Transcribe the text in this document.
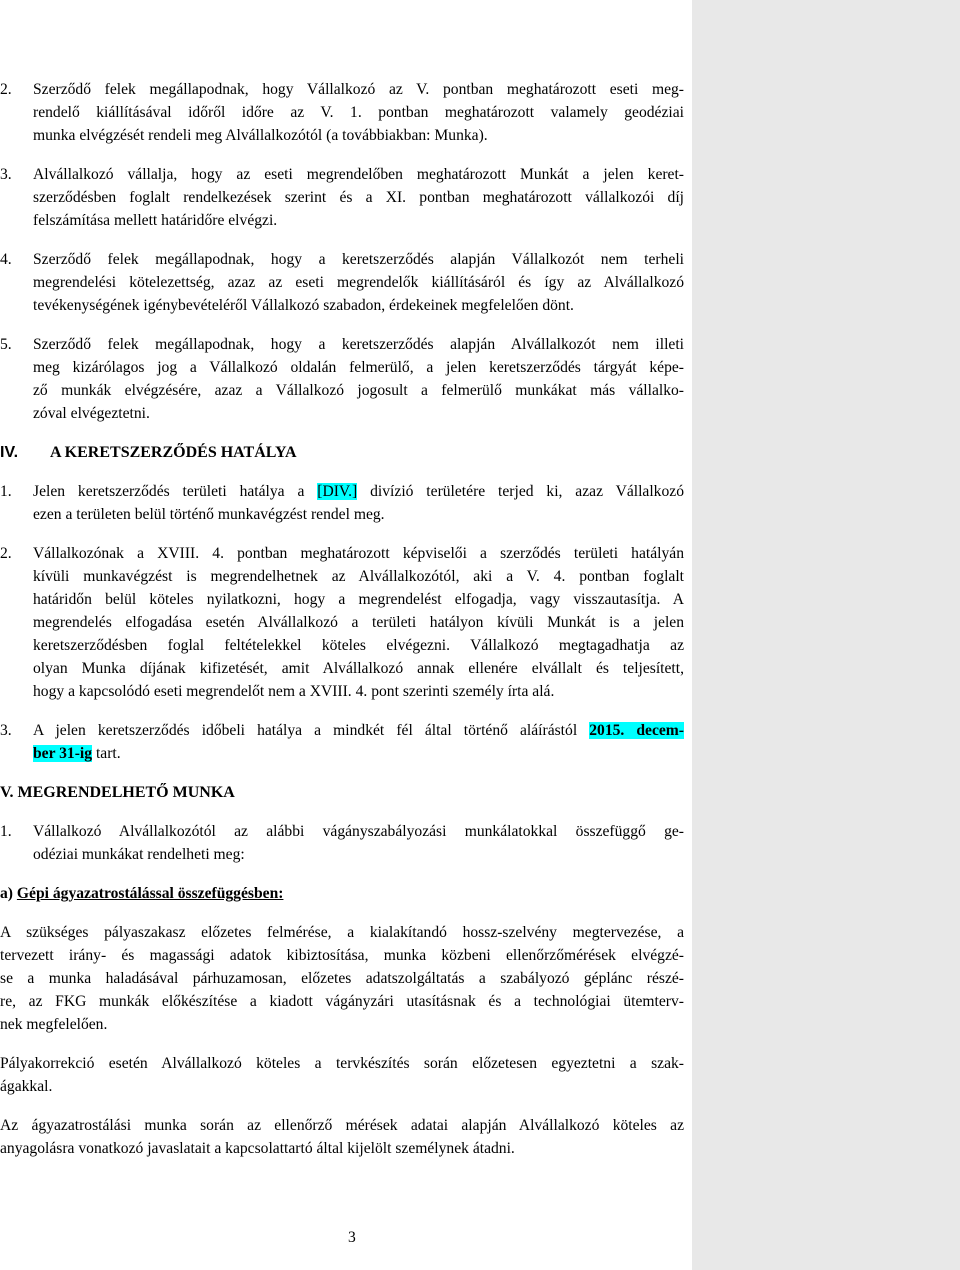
2. Szerződő felek megállapodnak, hogy Vállalkozó az V. pontban meghatározott eseti meg-
rendelő kiállításával időről időre az V. 1. pontban meghatározott valamely geodéziai
munka elvégzését rendeli meg Alvállalkozótól (a továbbiakban: Munka).
3. Alvállalkozó vállalja, hogy az eseti megrendelőben meghatározott Munkát a jelen keret-
szerződésben foglalt rendelkezések szerint és a XI. pontban meghatározott vállalkozói díj
felszámítása mellett határidőre elvégzi.
4. Szerződő felek megállapodnak, hogy a keretszerződés alapján Vállalkozót nem terheli
megrendelési kötelezettség, azaz az eseti megrendelők kiállításáról és így az Alvállalkozó
tevékenységének igénybevételéről Vállalkozó szabadon, érdekeinek megfelelően dönt.
5. Szerződő felek megállapodnak, hogy a keretszerződés alapján Alvállalkozót nem illeti
meg kizárólagos jog a Vállalkozó oldalán felmerülő, a jelen keretszerződés tárgyát képe-
ző munkák elvégzésére, azaz a Vállalkozó jogosult a felmerülő munkákat más vállalko-
zóval elvégeztetni.
IV. A KERETSZERZŐDÉS HATÁLYA
1. Jelen keretszerződés területi hatálya a [DIV.] divízió területére terjed ki, azaz Vállalkozó
ezen a területen belül történő munkavégzést rendel meg.
2. Vállalkozónak a XVIII. 4. pontban meghatározott képviselői a szerződés területi hatályán
kívüli munkavégzést is megrendelhetnek az Alvállalkozótól, aki a V. 4. pontban foglalt
határidőn belül köteles nyilatkozni, hogy a megrendelést elfogadja, vagy visszautasítja. A
megrendelés elfogadása esetén Alvállalkozó a területi hatályon kívüli Munkát is a jelen
keretszerződésben foglal feltételekkel köteles elvégezni. Vállalkozó megtagadhatja az
olyan Munka díjának kifizetését, amit Alvállalkozó annak ellenére elvállalt és teljesített,
hogy a kapcsolódó eseti megrendelőt nem a XVIII. 4. pont szerinti személy írta alá.
3. A jelen keretszerződés időbeli hatálya a mindkét fél által történő aláírástól 2015. decem-
ber 31-ig tart.
V. MEGRENDELHETŐ MUNKA
1. Vállalkozó Alvállalkozótól az alábbi vágányszabályozási munkálatokkal összefüggő ge-
odéziai munkákat rendelheti meg:
a) Gépi ágyazatrostálással összefüggésben:
A szükséges pályaszakasz előzetes felmérése, a kialakítandó hossz-szelvény megtervezése, a
tervezett irány- és magassági adatok kibiztosítása, munka közbeni ellenőrzőmérések elvégzé-
se a munka haladásával párhuzamosan, előzetes adatszolgáltatás a szabályozó géplánc részé-
re, az FKG munkák előkészítése a kiadott vágányzári utasításnak és a technológiai ütemterv-
nek megfelelően.
Pályakorrekció esetén Alvállalkozó köteles a tervkészítés során előzetesen egyeztetni a szak-
ágakkal.
Az ágyazatrostálási munka során az ellenőrző mérések adatai alapján Alvállalkozó köteles az
anyagolásra vonatkozó javaslatait a kapcsolattartó által kijelölt személynek átadni.
3
